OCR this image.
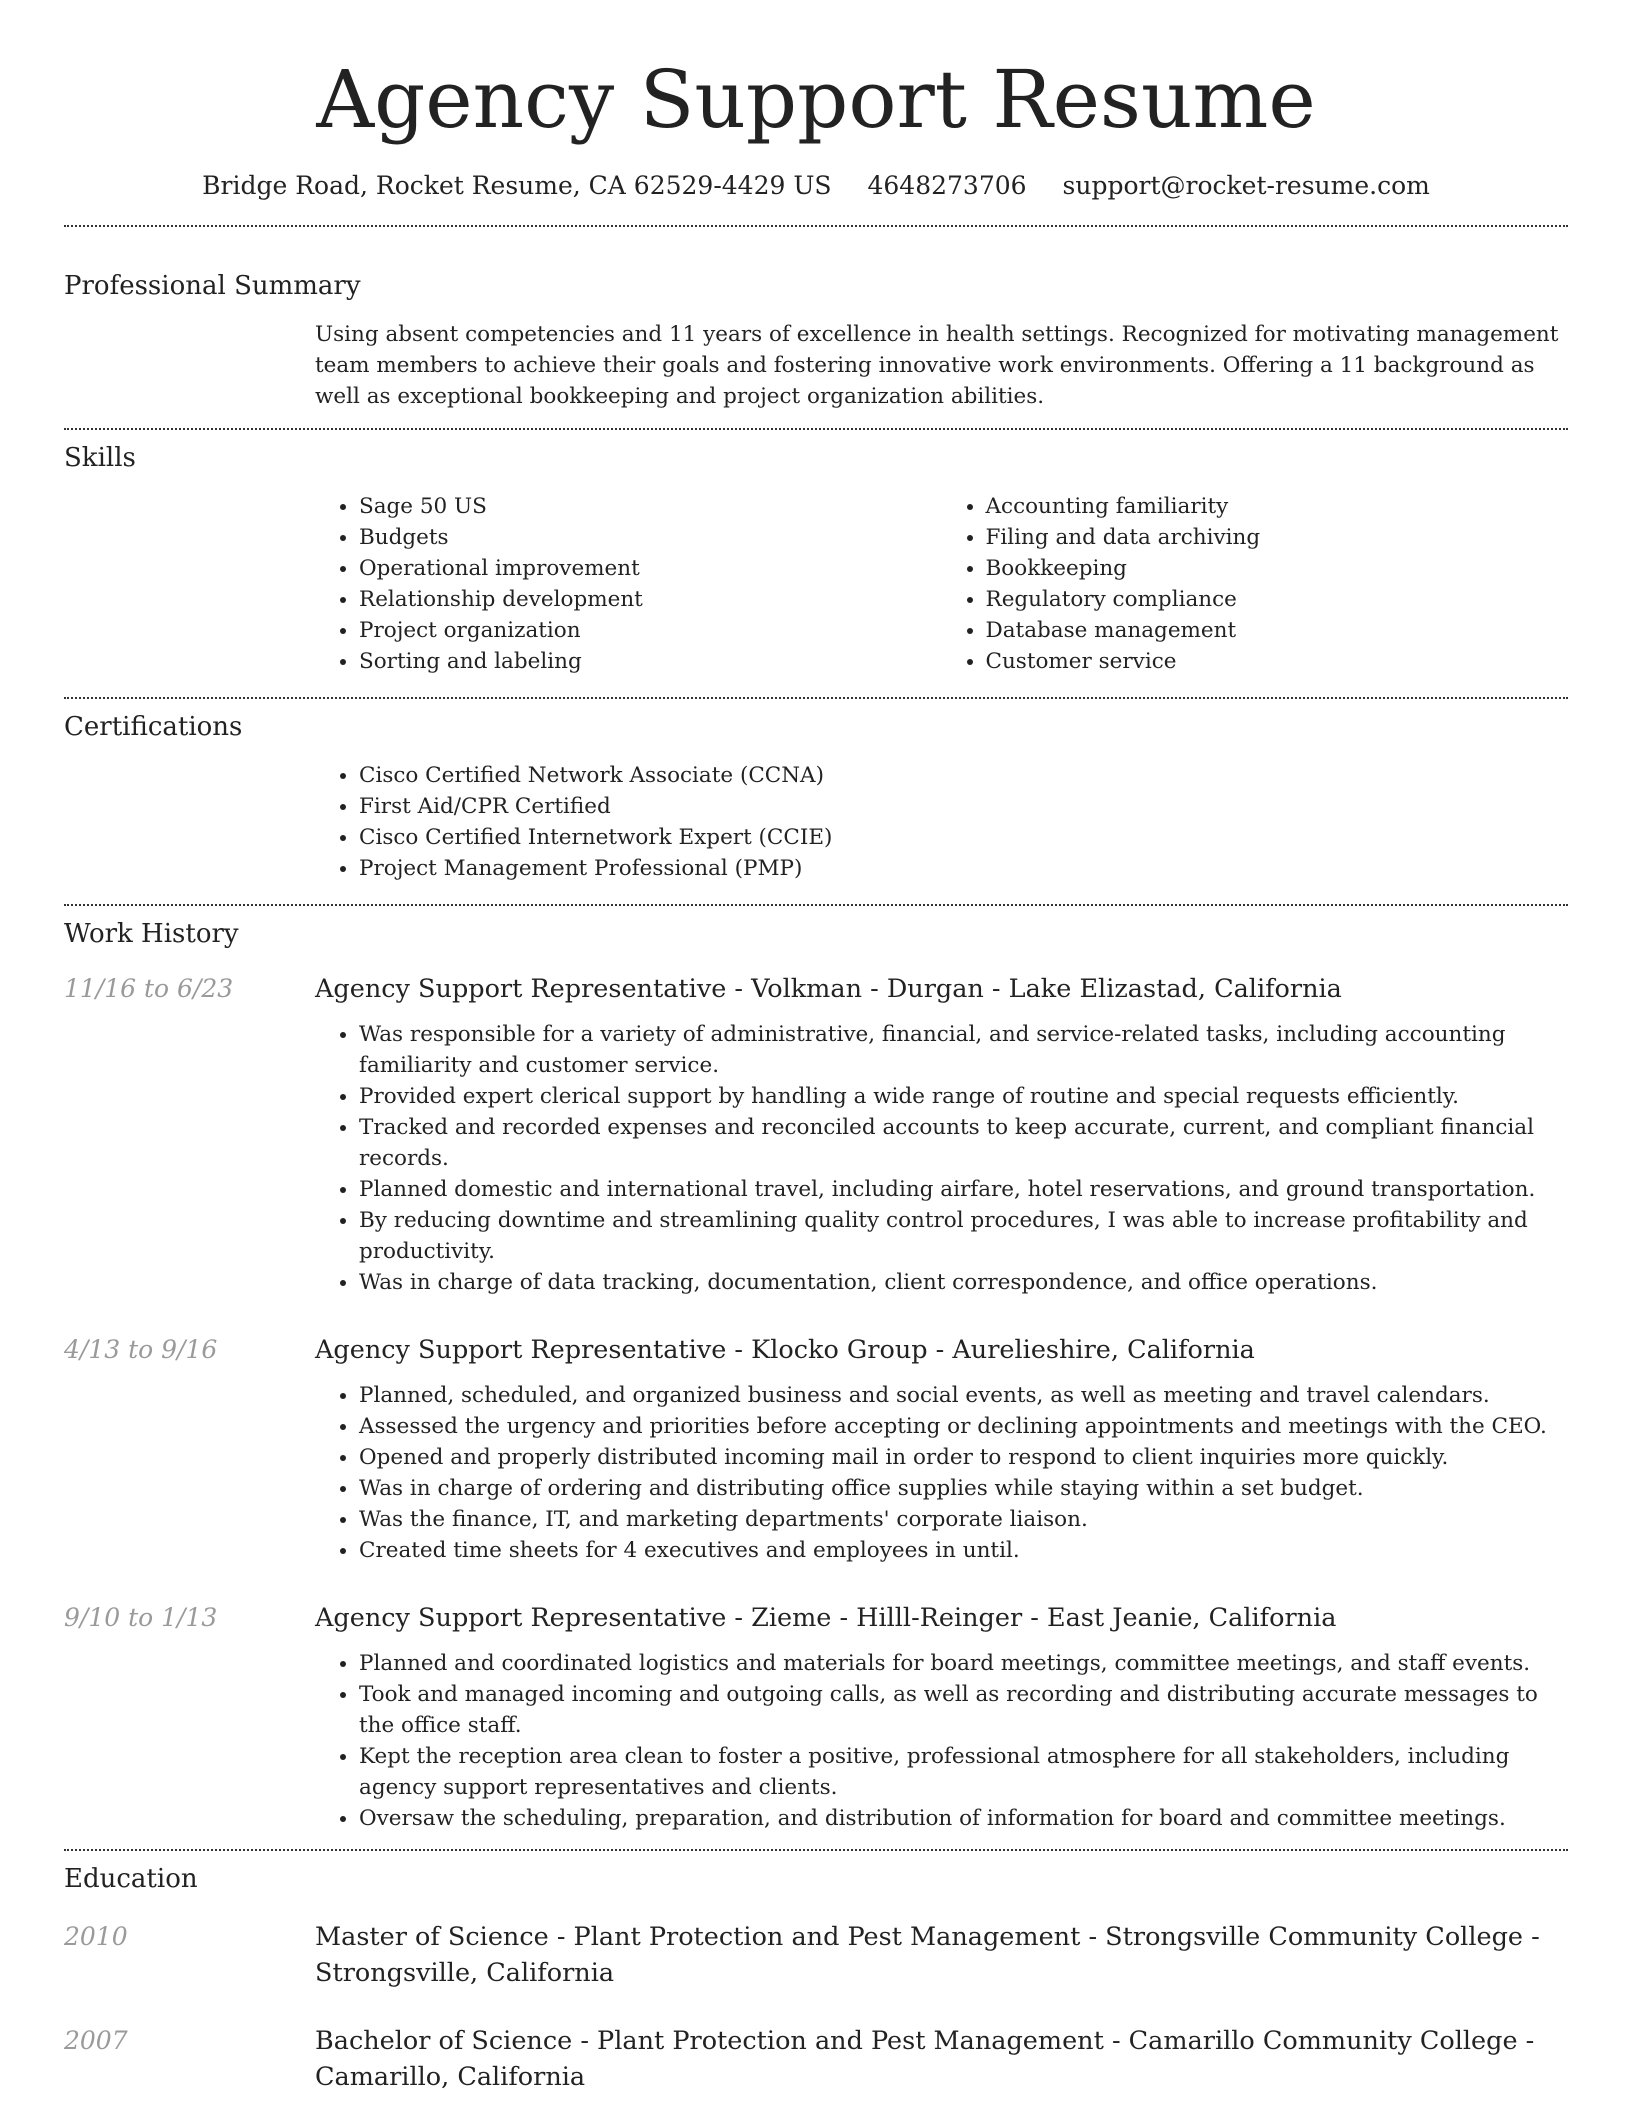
Agency Support Resume
Bridge Road, Rocket Resume, CA 62529-4429 US 4648273706 support@rocket-resume.com
Professional Summary

Using absent competencies and 11 years of excellence in health settings. Recognized for motivating management team members to achieve their goals and fostering innovative work environments. Offering a 11 background as well as exceptional bookkeeping and project organization abilities.

Skills
• Sage 50 US
• Budgets
• Operational improvement
• Relationship development
• Project organization
• Sorting and labeling
• Accounting familiarity
• Filing and data archiving
• Bookkeeping
• Regulatory compliance
• Database management
• Customer service
Certifications
• Cisco Certified Network Associate (CCNA)
• First Aid/CPR Certified
• Cisco Certified Internetwork Expert (CCIE)
• Project Management Professional (PMP)
Work History
11/16 to 6/23	Agency Support Representative - Volkman - Durgan - Lake Elizastad, California
• Was responsible for a variety of administrative, financial, and service-related tasks, including accounting familiarity and customer service.
• Provided expert clerical support by handling a wide range of routine and special requests efficiently.
• Tracked and recorded expenses and reconciled accounts to keep accurate, current, and compliant financial records.
• Planned domestic and international travel, including airfare, hotel reservations, and ground transportation.
• By reducing downtime and streamlining quality control procedures, I was able to increase profitability and productivity.
• Was in charge of data tracking, documentation, client correspondence, and office operations.
4/13 to 9/16	Agency Support Representative - Klocko Group - Aurelieshire, California
• Planned, scheduled, and organized business and social events, as well as meeting and travel calendars.
• Assessed the urgency and priorities before accepting or declining appointments and meetings with the CEO.
• Opened and properly distributed incoming mail in order to respond to client inquiries more quickly.
• Was in charge of ordering and distributing office supplies while staying within a set budget.
• Was the finance, IT, and marketing departments' corporate liaison.
• Created time sheets for 4 executives and employees in until.
9/10 to 1/13	Agency Support Representative - Zieme - Hilll-Reinger - East Jeanie, California
• Planned and coordinated logistics and materials for board meetings, committee meetings, and staff events.
• Took and managed incoming and outgoing calls, as well as recording and distributing accurate messages to the office staff.
• Kept the reception area clean to foster a positive, professional atmosphere for all stakeholders, including agency support representatives and clients.
• Oversaw the scheduling, preparation, and distribution of information for board and committee meetings.
Education
2010	Master of Science - Plant Protection and Pest Management - Strongsville Community College - Strongsville, California
2007	Bachelor of Science - Plant Protection and Pest Management - Camarillo Community College - Camarillo, California
